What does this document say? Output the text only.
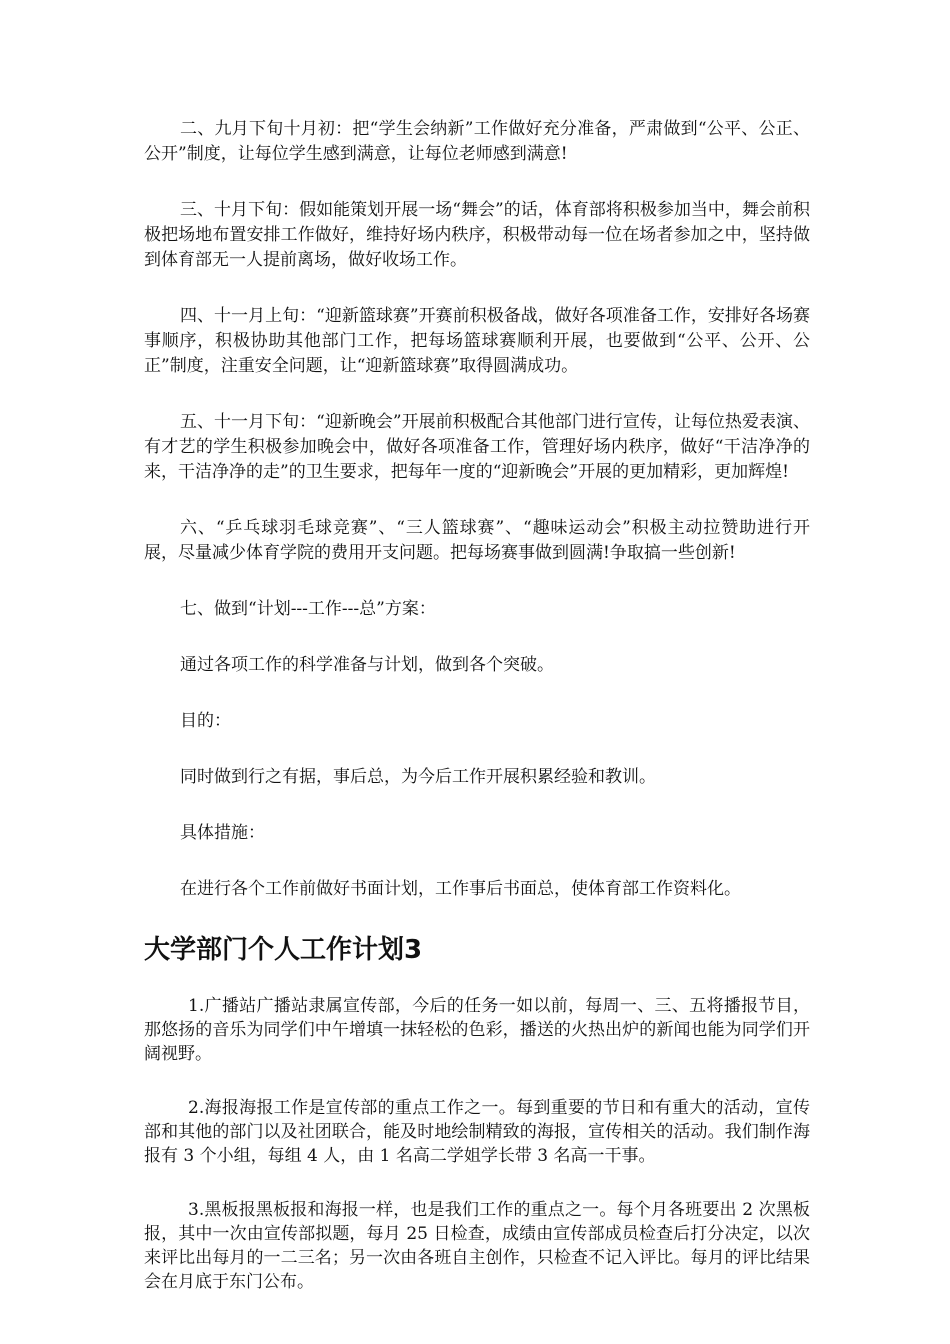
二、九月下旬十月初：把“学生会纳新”工作做好充分准备，严肃做到“公平、公正、公开”制度，让每位学生感到满意，让每位老师感到满意!

三、十月下旬：假如能策划开展一场“舞会”的话，体育部将积极参加当中，舞会前积极把场地布置安排工作做好，维持好场内秩序，积极带动每一位在场者参加之中，坚持做到体育部无一人提前离场，做好收场工作。

四、十一月上旬：“迎新篮球赛”开赛前积极备战，做好各项准备工作，安排好各场赛事顺序，积极协助其他部门工作，把每场篮球赛顺利开展，也要做到“公平、公开、公正”制度，注重安全问题，让“迎新篮球赛”取得圆满成功。

五、十一月下旬：“迎新晚会”开展前积极配合其他部门进行宣传，让每位热爱表演、有才艺的学生积极参加晚会中，做好各项准备工作，管理好场内秩序，做好“干洁净净的来，干洁净净的走”的卫生要求，把每年一度的“迎新晚会”开展的更加精彩，更加辉煌!

六、“乒乓球羽毛球竞赛”、“三人篮球赛”、“趣味运动会”积极主动拉赞助进行开展，尽量减少体育学院的费用开支问题。把每场赛事做到圆满!争取搞一些创新!

七、做到“计划---工作---总”方案：

通过各项工作的科学准备与计划，做到各个突破。

目的：

同时做到行之有据，事后总，为今后工作开展积累经验和教训。

具体措施：

在进行各个工作前做好书面计划，工作事后书面总，使体育部工作资料化。

大学部门个人工作计划3

1.广播站广播站隶属宣传部，今后的任务一如以前，每周一、三、五将播报节目，那悠扬的音乐为同学们中午增填一抹轻松的色彩，播送的火热出炉的新闻也能为同学们开阔视野。

2.海报海报工作是宣传部的重点工作之一。每到重要的节日和有重大的活动，宣传部和其他的部门以及社团联合，能及时地绘制精致的海报，宣传相关的活动。我们制作海报有 3 个小组，每组 4 人，由 1 名高二学姐学长带 3 名高一干事。

3.黑板报黑板报和海报一样，也是我们工作的重点之一。每个月各班要出 2 次黑板报，其中一次由宣传部拟题，每月 25 日检查，成绩由宣传部成员检查后打分决定，以次来评比出每月的一二三名；另一次由各班自主创作，只检查不记入评比。每月的评比结果会在月底于东门公布。
